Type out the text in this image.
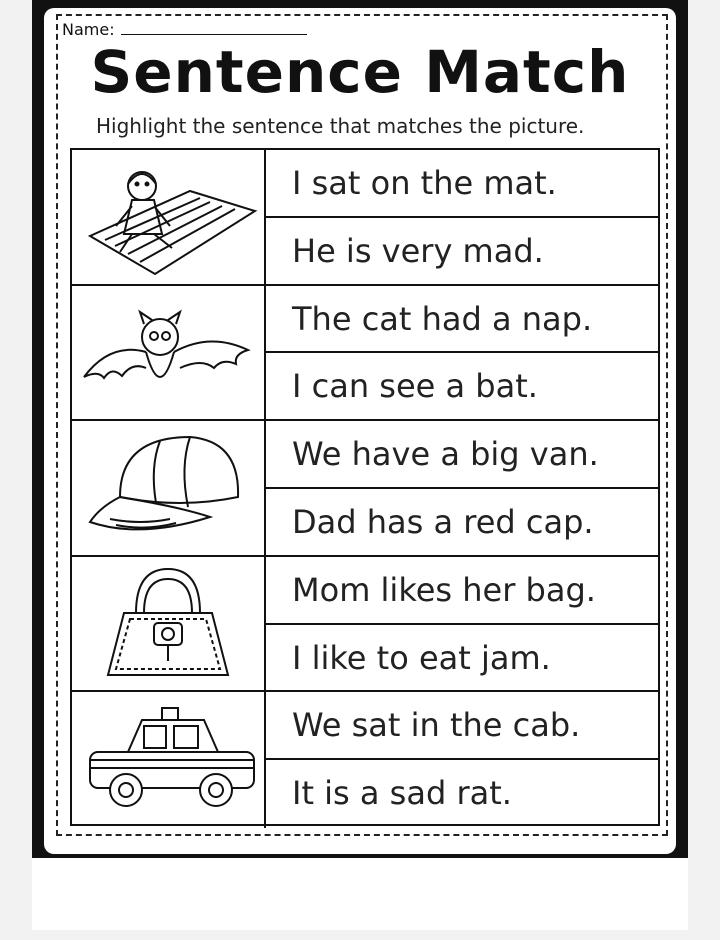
Name:
Sentence Match
Highlight the sentence that matches the picture.
I sat on the mat.
He is very mad.
The cat had a nap.
I can see a bat.
We have a big van.
Dad has a red cap.
Mom likes her bag.
I like to eat jam.
We sat in the cab.
It is a sad rat.
